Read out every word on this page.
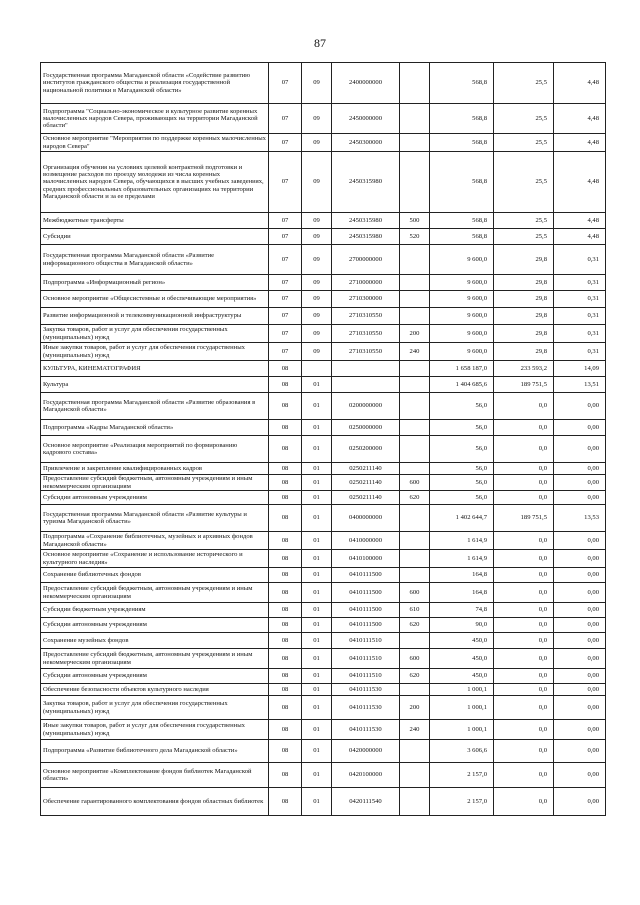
87
Государственная программа Магаданской области «Содействие развитию институтов гражданского общества и реализация государственной национальной политики в Магаданской области»	07	09	2400000000		568,8	25,5	4,48
Подпрограмма "Социально-экономическое и культурное развитие коренных малочисленных народов Севера, проживающих на территории Магаданской области"	07	09	2450000000		568,8	25,5	4,48
Основное мероприятие "Мероприятия по поддержке коренных малочисленных народов Севера"	07	09	2450300000		568,8	25,5	4,48
Организация обучения на условиях целевой контрактной подготовки и возмещение расходов по проезду молодежи из числа коренных малочисленных народов Севера, обучающихся в высших учебных заведениях, средних профессиональных образовательных организациях на территории Магаданской области и за ее пределами	07	09	2450315980		568,8	25,5	4,48
Межбюджетные трансферты	07	09	2450315980	500	568,8	25,5	4,48
Субсидии	07	09	2450315980	520	568,8	25,5	4,48
Государственная программа Магаданской области «Развитие информационного общества в Магаданской области»	07	09	2700000000		9 600,0	29,8	0,31
Подпрограмма «Информационный регион»	07	09	2710000000		9 600,0	29,8	0,31
Основное мероприятие «Общесистемные и обеспечивающие мероприятия»	07	09	2710300000		9 600,0	29,8	0,31
Развитие информационной и телекоммуникационной инфраструктуры	07	09	2710310550		9 600,0	29,8	0,31
Закупка товаров, работ и услуг для обеспечения государственных (муниципальных) нужд	07	09	2710310550	200	9 600,0	29,8	0,31
Иные закупки товаров, работ и услуг для обеспечения государственных (муниципальных) нужд	07	09	2710310550	240	9 600,0	29,8	0,31
КУЛЬТУРА, КИНЕМАТОГРАФИЯ	08				1 658 187,0	233 593,2	14,09
Культура	08	01			1 404 685,6	189 751,5	13,51
Государственная программа Магаданской области «Развитие образования в Магаданской области»	08	01	0200000000		56,0	0,0	0,00
Подпрограмма «Кадры Магаданской области»	08	01	0250000000		56,0	0,0	0,00
Основное мероприятие «Реализация мероприятий по формированию кадрового состава»	08	01	0250200000		56,0	0,0	0,00
Привлечение и закрепление квалифицированных кадров	08	01	0250211140		56,0	0,0	0,00
Предоставление субсидий бюджетным, автономным учреждениям и иным некоммерческим организациям	08	01	0250211140	600	56,0	0,0	0,00
Субсидии автономным учреждениям	08	01	0250211140	620	56,0	0,0	0,00
Государственная программа Магаданской области «Развитие культуры и туризма Магаданской области»	08	01	0400000000		1 402 644,7	189 751,5	13,53
Подпрограмма «Сохранение библиотечных, музейных и архивных фондов Магаданской области»	08	01	0410000000		1 614,9	0,0	0,00
Основное мероприятие «Сохранение и использование исторического и культурного наследия»	08	01	0410100000		1 614,9	0,0	0,00
Сохранение библиотечных фондов	08	01	0410111500		164,8	0,0	0,00
Предоставление субсидий бюджетным, автономным учреждениям и иным некоммерческим организациям	08	01	0410111500	600	164,8	0,0	0,00
Субсидии бюджетным учреждениям	08	01	0410111500	610	74,8	0,0	0,00
Субсидии автономным учреждениям	08	01	0410111500	620	90,0	0,0	0,00
Сохранение музейных фондов	08	01	0410111510		450,0	0,0	0,00
Предоставление субсидий бюджетным, автономным учреждениям и иным некоммерческим организациям	08	01	0410111510	600	450,0	0,0	0,00
Субсидии автономным учреждениям	08	01	0410111510	620	450,0	0,0	0,00
Обеспечение безопасности объектов культурного наследия	08	01	0410111530		1 000,1	0,0	0,00
Закупка товаров, работ и услуг для обеспечения государственных (муниципальных) нужд	08	01	0410111530	200	1 000,1	0,0	0,00
Иные закупки товаров, работ и услуг для обеспечения государственных (муниципальных) нужд	08	01	0410111530	240	1 000,1	0,0	0,00
Подпрограмма «Развитие библиотечного дела Магаданской области»	08	01	0420000000		3 606,6	0,0	0,00
Основное мероприятие «Комплектование фондов библиотек Магаданской области»	08	01	0420100000		2 157,0	0,0	0,00
Обеспечение гарантированного комплектования фондов областных библиотек	08	01	0420111540		2 157,0	0,0	0,00
